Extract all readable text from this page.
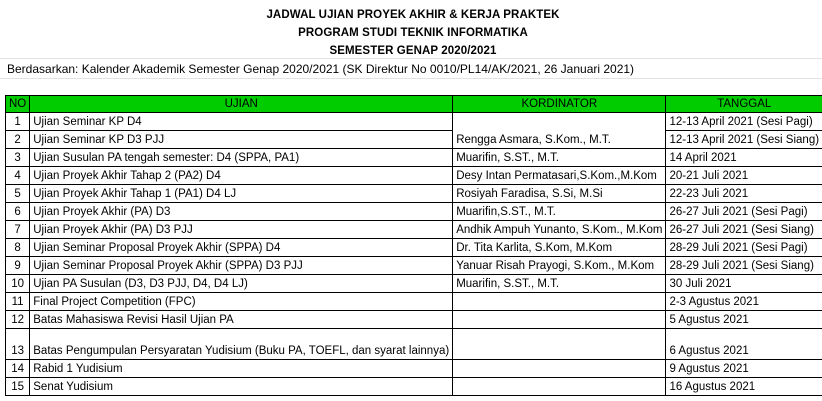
JADWAL UJIAN PROYEK AKHIR & KERJA PRAKTEK
PROGRAM STUDI TEKNIK INFORMATIKA
SEMESTER GENAP 2020/2021
Berdasarkan: Kalender Akademik Semester Genap 2020/2021 (SK Direktur No 0010/PL14/AK/2021, 26 Januari 2021)
NO	UJIAN	KORDINATOR	TANGGAL
1	Ujian Seminar KP D4	Rengga Asmara, S.Kom., M.T.	12-13 April 2021 (Sesi Pagi)
2	Ujian Seminar KP D3 PJJ		12-13 April 2021 (Sesi Siang)
3	Ujian Susulan PA tengah semester: D4 (SPPA, PA1)	Muarifin, S.ST., M.T.	14 April 2021
4	Ujian Proyek Akhir Tahap 2 (PA2) D4	Desy Intan Permatasari,S.Kom.,M.Kom	20-21 Juli 2021
5	Ujian Proyek Akhir Tahap 1 (PA1) D4 LJ	Rosiyah Faradisa, S.Si, M.Si	22-23 Juli 2021
6	Ujian Proyek Akhir (PA) D3	Muarifin,S.ST., M.T.	26-27 Juli 2021 (Sesi Pagi)
7	Ujian Proyek Akhir (PA) D3 PJJ	Andhik Ampuh Yunanto, S.Kom., M.Kom	26-27 Juli 2021 (Sesi Siang)
8	Ujian Seminar Proposal Proyek Akhir (SPPA) D4	Dr. Tita Karlita, S.Kom, M.Kom	28-29 Juli 2021 (Sesi Pagi)
9	Ujian Seminar Proposal Proyek Akhir (SPPA) D3 PJJ	Yanuar Risah Prayogi, S.Kom., M.Kom	28-29 Juli 2021 (Sesi Siang)
10	Ujian PA Susulan (D3, D3 PJJ, D4, D4 LJ)	Muarifin, S.ST., M.T.	30 Juli 2021
11	Final Project Competition (FPC)		2-3 Agustus 2021
12	Batas Mahasiswa Revisi Hasil Ujian PA		5 Agustus 2021
13	Batas Pengumpulan Persyaratan Yudisium (Buku PA, TOEFL, dan syarat lainnya)		6 Agustus 2021
14	Rabid 1 Yudisium		9 Agustus 2021
15	Senat Yudisium		16 Agustus 2021
